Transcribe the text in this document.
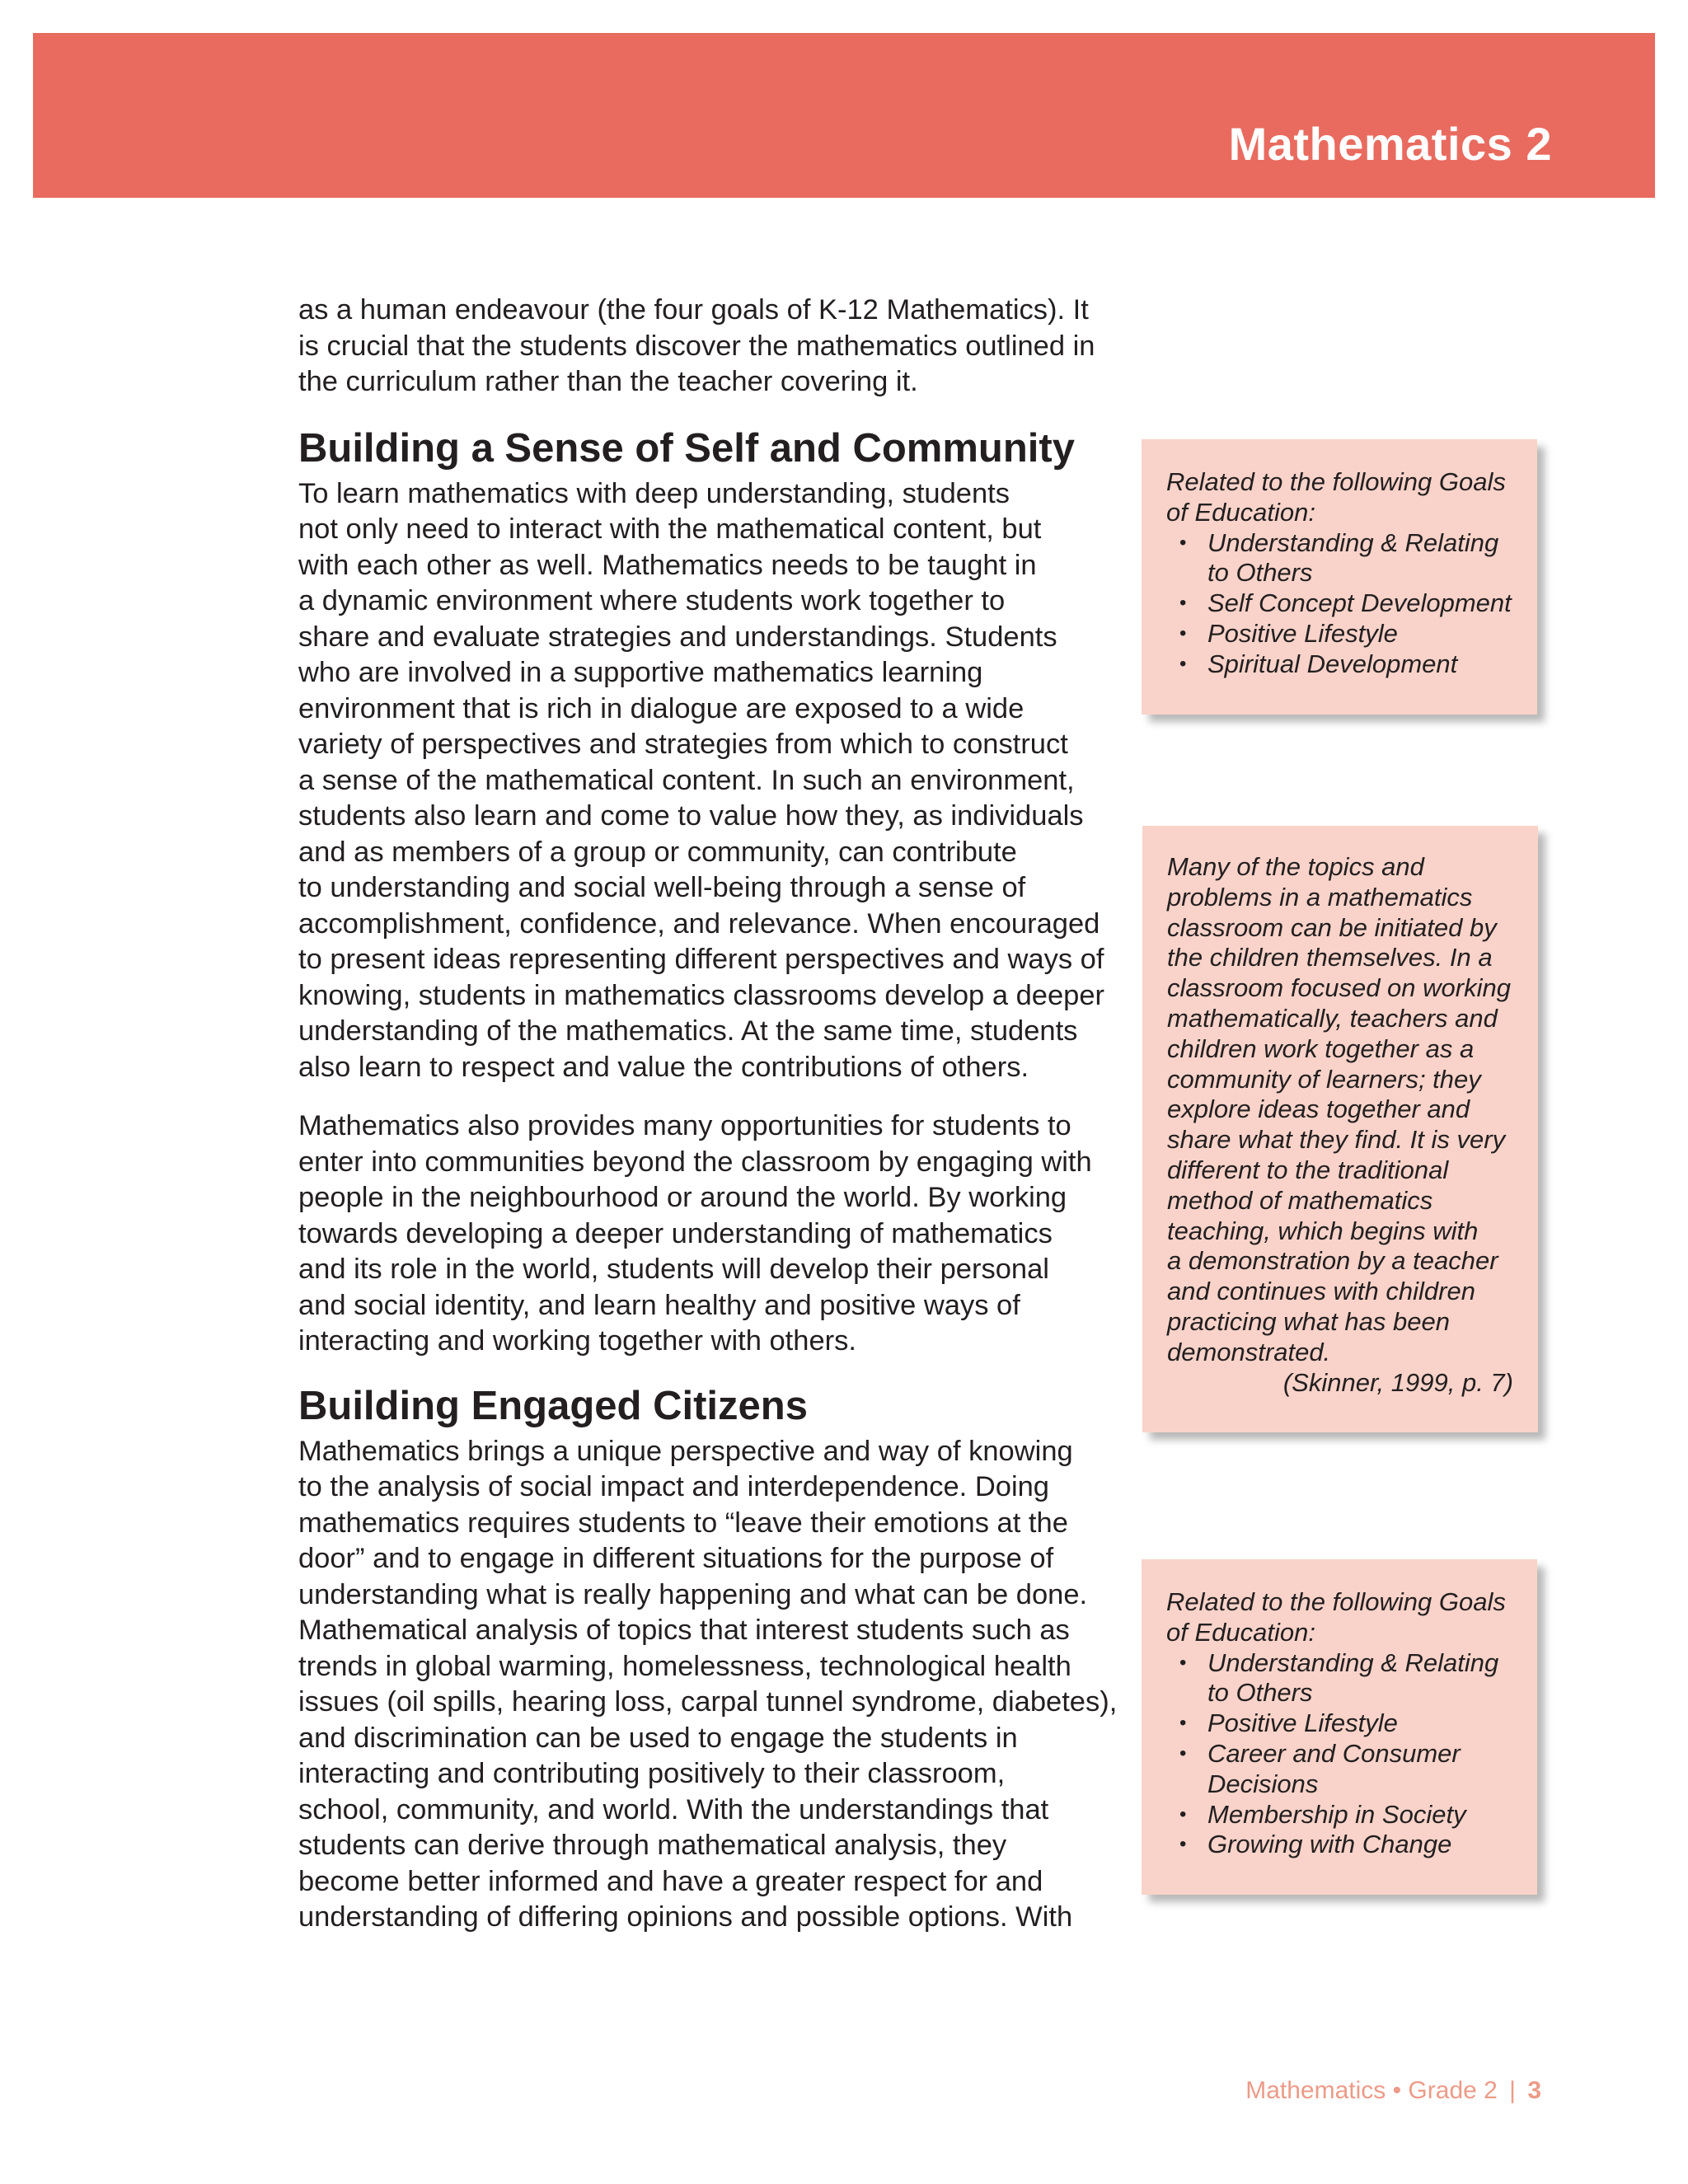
Mathematics 2

as a human endeavour (the four goals of K-12 Mathematics). It
is crucial that the students discover the mathematics outlined in
the curriculum rather than the teacher covering it.

Building a Sense of Self and Community

To learn mathematics with deep understanding, students
not only need to interact with the mathematical content, but
with each other as well. Mathematics needs to be taught in
a dynamic environment where students work together to
share and evaluate strategies and understandings. Students
who are involved in a supportive mathematics learning
environment that is rich in dialogue are exposed to a wide
variety of perspectives and strategies from which to construct
a sense of the mathematical content. In such an environment,
students also learn and come to value how they, as individuals
and as members of a group or community, can contribute
to understanding and social well-being through a sense of
accomplishment, confidence, and relevance. When encouraged
to present ideas representing different perspectives and ways of
knowing, students in mathematics classrooms develop a deeper
understanding of the mathematics. At the same time, students
also learn to respect and value the contributions of others.

Mathematics also provides many opportunities for students to
enter into communities beyond the classroom by engaging with
people in the neighbourhood or around the world. By working
towards developing a deeper understanding of mathematics
and its role in the world, students will develop their personal
and social identity, and learn healthy and positive ways of
interacting and working together with others.

Building Engaged Citizens

Mathematics brings a unique perspective and way of knowing
to the analysis of social impact and interdependence. Doing
mathematics requires students to “leave their emotions at the
door” and to engage in different situations for the purpose of
understanding what is really happening and what can be done.
Mathematical analysis of topics that interest students such as
trends in global warming, homelessness, technological health
issues (oil spills, hearing loss, carpal tunnel syndrome, diabetes),
and discrimination can be used to engage the students in
interacting and contributing positively to their classroom,
school, community, and world. With the understandings that
students can derive through mathematical analysis, they
become better informed and have a greater respect for and
understanding of differing opinions and possible options. With

Related to the following Goals
of Education:
• Understanding & Relating
to Others
• Self Concept Development
• Positive Lifestyle
• Spiritual Development
Many of the topics and
problems in a mathematics
classroom can be initiated by
the children themselves. In a
classroom focused on working
mathematically, teachers and
children work together as a
community of learners; they
explore ideas together and
share what they find. It is very
different to the traditional
method of mathematics
teaching, which begins with
a demonstration by a teacher
and continues with children
practicing what has been
demonstrated.
(Skinner, 1999, p. 7)
Related to the following Goals
of Education:
• Understanding & Relating
to Others
• Positive Lifestyle
• Career and Consumer
Decisions
• Membership in Society
• Growing with Change
Mathematics • Grade 2 | 3
